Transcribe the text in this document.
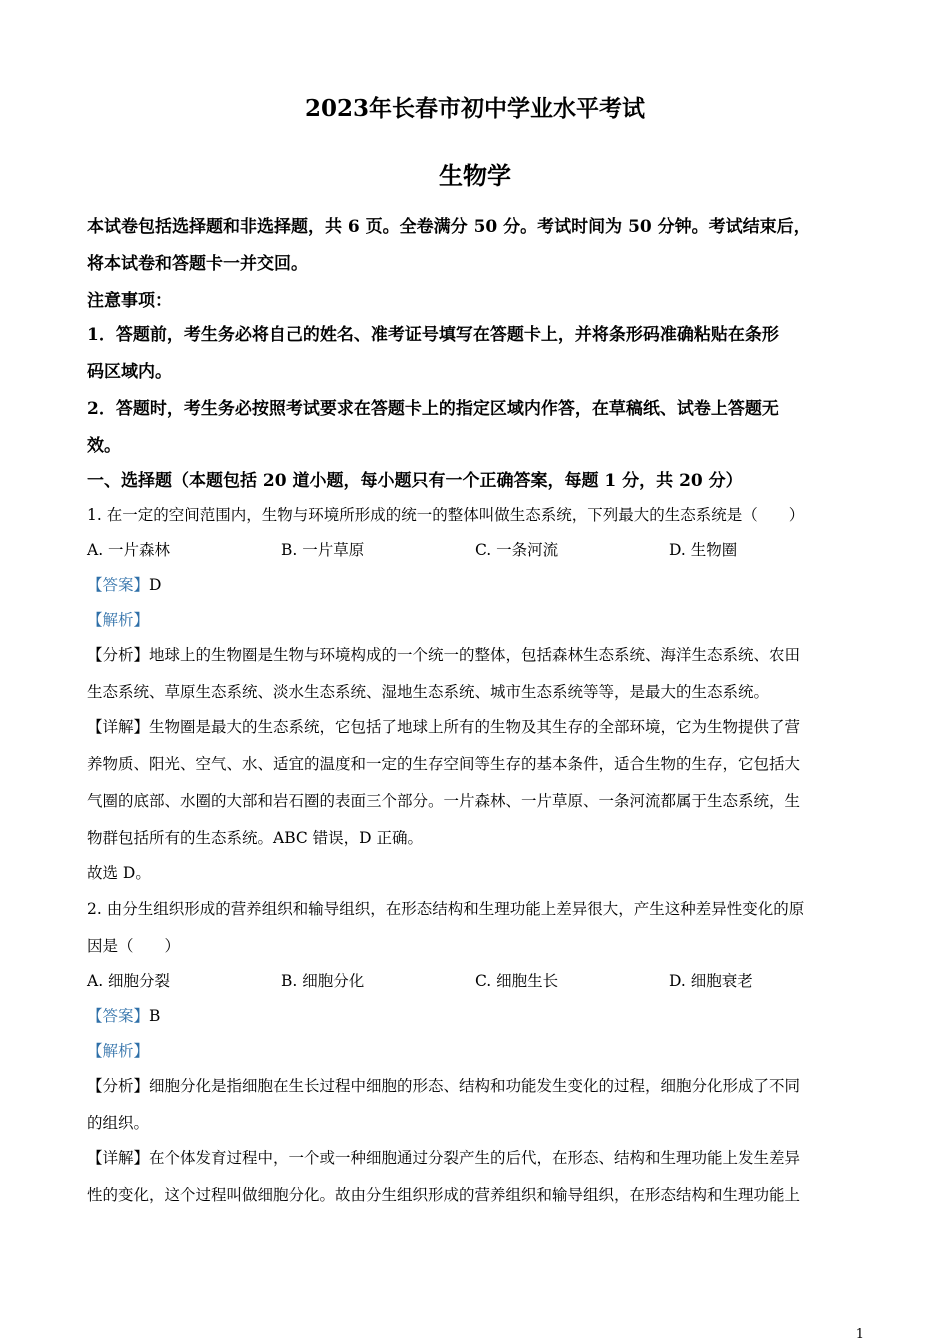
2023年长春市初中学业水平考试
生物学
本试卷包括选择题和非选择题，共 6 页。全卷满分 50 分。考试时间为 50 分钟。考试结束后，
将本试卷和答题卡一并交回。
注意事项：
1．答题前，考生务必将自己的姓名、准考证号填写在答题卡上，并将条形码准确粘贴在条形
码区域内。
2．答题时，考生务必按照考试要求在答题卡上的指定区域内作答，在草稿纸、试卷上答题无
效。
一、选择题（本题包括 20 道小题，每小题只有一个正确答案，每题 1 分，共 20 分）
1. 在一定的空间范围内，生物与环境所形成的统一的整体叫做生态系统，下列最大的生态系统是（　　）
A. 一片森林	B. 一片草原	C. 一条河流	D. 生物圈
【答案】D
【解析】
【分析】地球上的生物圈是生物与环境构成的一个统一的整体，包括森林生态系统、海洋生态系统、农田
生态系统、草原生态系统、淡水生态系统、湿地生态系统、城市生态系统等等，是最大的生态系统。
【详解】生物圈是最大的生态系统，它包括了地球上所有的生物及其生存的全部环境，它为生物提供了营
养物质、阳光、空气、水、适宜的温度和一定的生存空间等生存的基本条件，适合生物的生存，它包括大
气圈的底部、水圈的大部和岩石圈的表面三个部分。一片森林、一片草原、一条河流都属于生态系统，生
物群包括所有的生态系统。ABC 错误，D 正确。
故选 D。
2. 由分生组织形成的营养组织和输导组织，在形态结构和生理功能上差异很大，产生这种差异性变化的原
因是（　　）
A. 细胞分裂	B. 细胞分化	C. 细胞生长	D. 细胞衰老
【答案】B
【解析】
【分析】细胞分化是指细胞在生长过程中细胞的形态、结构和功能发生变化的过程，细胞分化形成了不同
的组织。
【详解】在个体发育过程中，一个或一种细胞通过分裂产生的后代，在形态、结构和生理功能上发生差异
性的变化，这个过程叫做细胞分化。故由分生组织形成的营养组织和输导组织，在形态结构和生理功能上
1
